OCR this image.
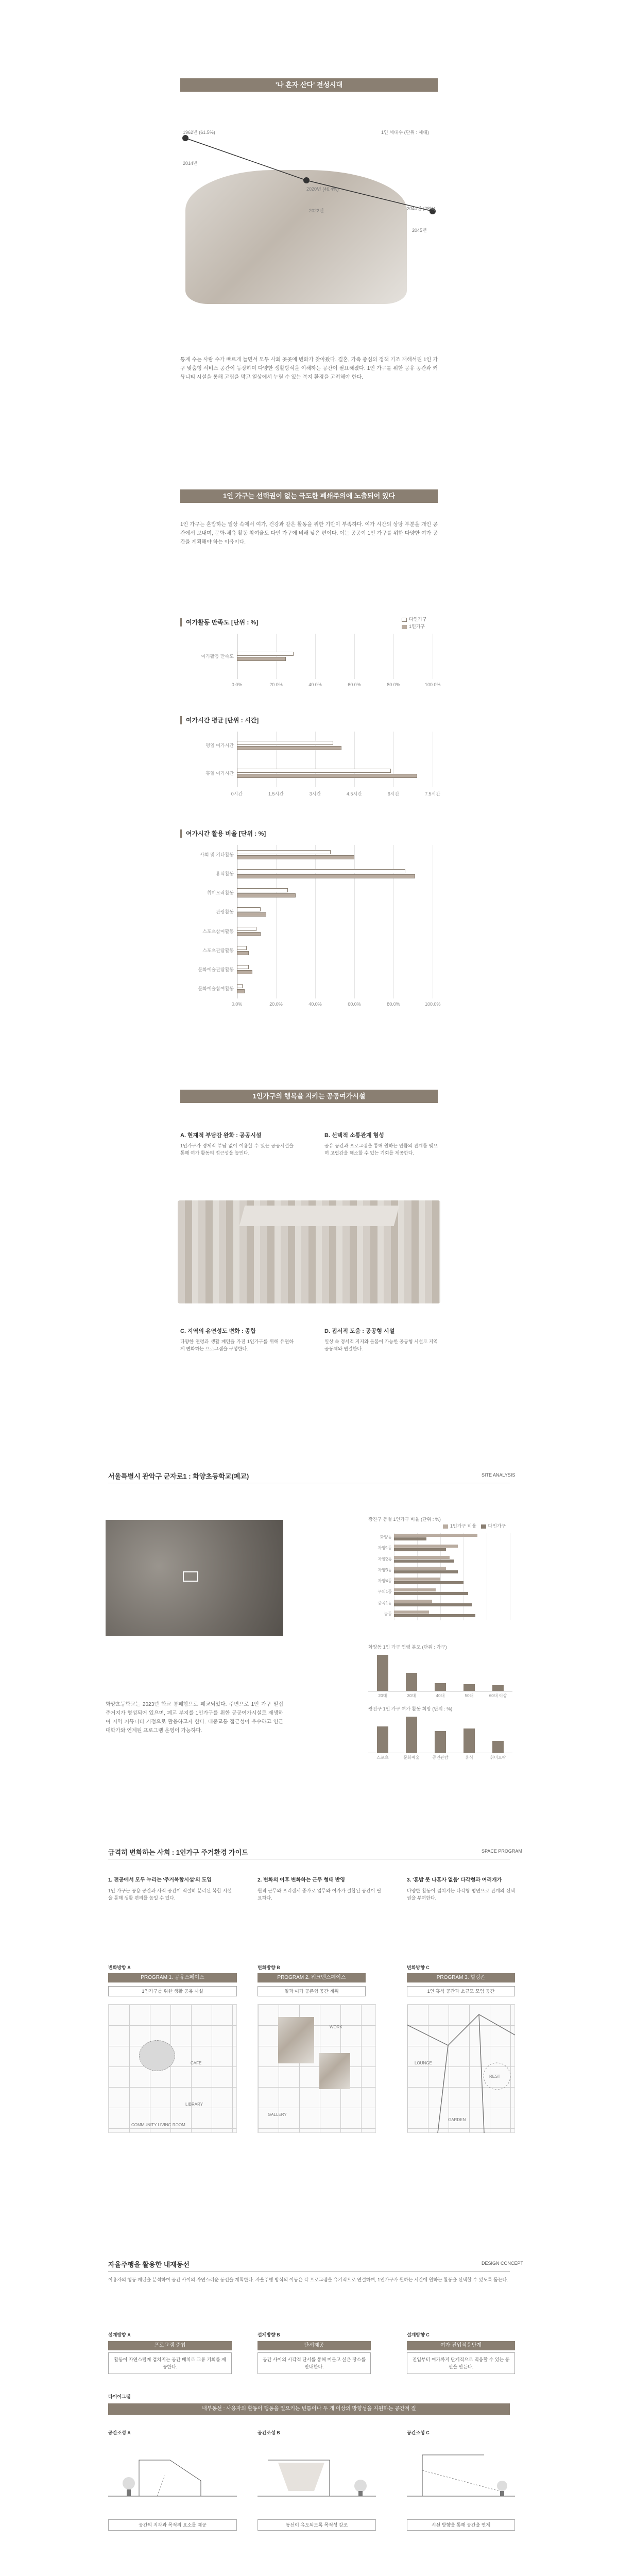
'나 혼자 산다' 전성시대
1962년 (61.5%)
2014년
2020년 (46.4%)
2022년
1인 세대수 (단위 : 세대)
2040년 (28%)
2045년
통계 수는 사람 수가 빠르게 늘면서 모두 사회 곳곳에 변화가 찾아왔다. 결혼, 가족 중심의 정책 기조 재해석된 1인 가구 맞춤형 서비스 공간이 등장하며 다양한 생활방식을 이해하는 공간이 필요해졌다. 1인 가구를 위한 공유 공간과 커뮤니티 시설을 통해 고립을 막고 일상에서 누릴 수 있는 복지 환경을 고려해야 한다.
1인 가구는 선택권이 없는 극도한 폐쇄주의에 노출되어 있다
1인 가구는 혼밥하는 일상 속에서 여가, 건강과 같은 활동을 위한 기반이 부족하다. 여가 시간의 상당 부분을 개인 공간에서 보내며, 문화·체육 활동 참여율도 다인 가구에 비해 낮은 편이다. 이는 공공이 1인 가구를 위한 다양한 여가 공간을 계획해야 하는 이유이다.
다인가구
1인가구
여가활동 만족도 [단위 : %]
0.0%	20.0%	40.0%	60.0%	80.0%	100.0%
여가활동 만족도
여가시간 평균 [단위 : 시간]
0시간	1.5시간	3시간	4.5시간	6시간	7.5시간
평일 여가시간
휴일 여가시간
여가시간 활용 비율 [단위 : %]
0.0%	20.0%	40.0%	60.0%	80.0%	100.0%
사회 및 기타활동
휴식활동
취미오락활동
관광활동
스포츠참여활동
스포츠관람활동
문화예술관람활동
문화예술참여활동
1인가구의 행복을 지키는 공공여가시설
A. 현재적 부담감 완화 : 공공시설
1인가구가 경제적 부담 없이 이용할 수 있는 공공시설을 통해 여가 활동의 접근성을 높인다.
B. 선택적 소통관계 형성
공유 공간과 프로그램을 통해 원하는 만큼의 관계를 맺으며 고립감을 해소할 수 있는 기회를 제공한다.
C. 지역의 유연성도 변화 : 종합
다양한 연령과 생활 패턴을 가진 1인가구를 위해 유연하게 변화하는 프로그램을 구성한다.
D. 접서적 도움 : 공공형 시설
일상 속 정서적 지지와 돌봄이 가능한 공공형 시설로 지역 공동체와 연결한다.
서울특별시 관악구 군자로1 : 화양초등학교(폐교)	SITE ANALYSIS
화양초등학교는 2023년 학교 통폐합으로 폐교되었다. 주변으로 1인 가구 밀집 주거지가 형성되어 있으며, 폐교 부지를 1인가구를 위한 공공여가시설로 재생하여 지역 커뮤니티 거점으로 활용하고자 한다. 대중교통 접근성이 우수하고 인근 대학가와 연계된 프로그램 운영이 가능하다.
광진구 동별 1인가구 비율 (단위 : %)
1인가구 비율	다인가구
화양동
자양1동
자양2동
자양3동
자양4동
구의1동
중곡1동
능동
화양동 1인 가구 연령 분포 (단위 : 가구)
20대	30대	40대	50대	60대 이상
광진구 1인 가구 여가 활동 희망 (단위 : %)
스포츠	문화예술	공연관람	휴식	취미오락
급격히 변화하는 사회 : 1인가구 주거환경 가이드	SPACE PROGRAM
1. 전공에서 모두 누리는 '주거복합시설'의 도입
1인 가구는 공용 공간과 사적 공간이 적절히 분리된 복합 시설을 통해 생활 편의를 높일 수 있다.
2. 변화의 이후 변화하는 근무 형태 반영
원격 근무와 프리랜서 증가로 업무와 여가가 결합된 공간이 필요하다.
3. '혼밥 못 나혼자 없음' 다각형과 여러개가
다양한 활동이 겹쳐지는 다각형 평면으로 관계의 선택권을 부여한다.
변화방향 A
PROGRAM 1. 공유스페이스
1인가구를 위한 생활 공유 시설
CAFE
LIBRARY
COMMUNITY LIVING ROOM
변화방향 B
PROGRAM 2. 워크앤스페이스
일과 여가 공존형 공간 계획
WORK
GALLERY
변화방향 C
PROGRAM 3. 힐링존
1인 휴식 공간과 소규모 모임 공간
LOUNGE
REST
GARDEN
자율주행을 활용한 내재동선	DESIGN CONCEPT
이용자의 행동 패턴을 분석하여 공간 사이의 자연스러운 동선을 계획한다. 자율주행 방식의 이동은 각 프로그램을 유기적으로 연결하며, 1인가구가 원하는 시간에 원하는 활동을 선택할 수 있도록 돕는다.
설계방향 A
프로그램 중첩
활동이 자연스럽게 겹쳐지는 공간 배치로 교류 기회를 제공한다.
설계방향 B
단서제공
공간 사이의 시각적 단서를 통해 머물고 싶은 장소를 안내한다.
설계방향 C
여가 진입적응단계
진입부터 여가까지 단계적으로 적응할 수 있는 동선을 만든다.
다이어그램
내부동선 : 사용자의 활동이 행동을 일으키는 빈틈이나 두 개 이상의 방향성을 지원하는 공간적 질
공간조성 A
공간의 지각과 목적의 요소를 제공
공간조성 B
동선이 유도되도록 목적성 강조
공간조성 C
시선 방향을 통해 공간을 연계
